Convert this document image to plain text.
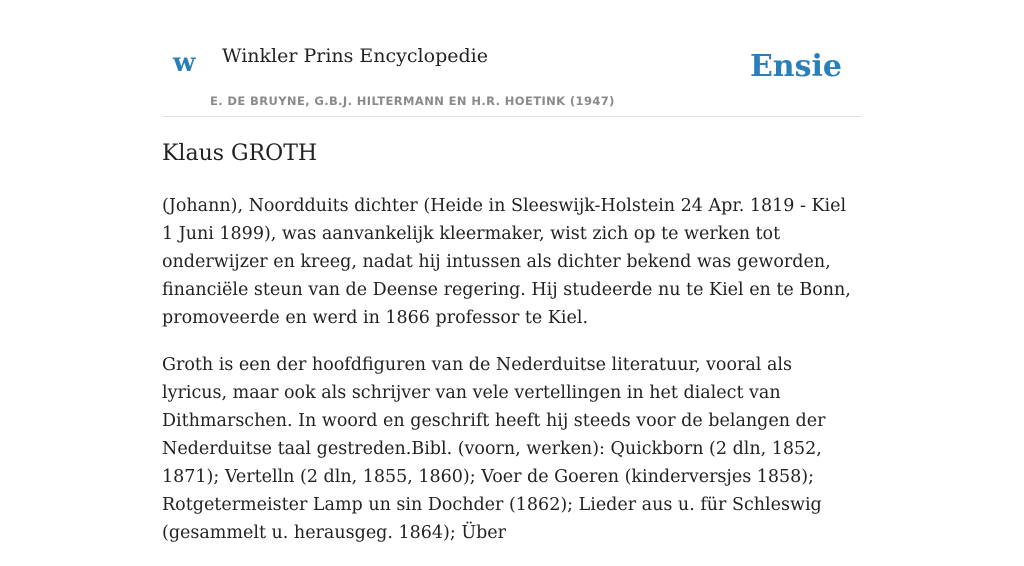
w Winkler Prins Encyclopedie
E. DE BRUYNE, G.B.J. HILTERMANN EN H.R. HOETINK (1947)
Ensie
Klaus GROTH

(Johann), Noordduits dichter (Heide in Sleeswijk-Holstein 24 Apr. 1819 - Kiel 1 Juni 1899), was aanvankelijk kleermaker, wist zich op te werken tot onderwijzer en kreeg, nadat hij intussen als dichter bekend was geworden, financiële steun van de Deense regering. Hij studeerde nu te Kiel en te Bonn, promoveerde en werd in 1866 professor te Kiel.

Groth is een der hoofdfiguren van de Nederduitse literatuur, vooral als lyricus, maar ook als schrijver van vele vertellingen in het dialect van Dithmarschen. In woord en geschrift heeft hij steeds voor de belangen der Nederduitse taal gestreden.Bibl. (voorn, werken): Quickborn (2 dln, 1852, 1871); Vertelln (2 dln, 1855, 1860); Voer de Goeren (kinderversjes 1858); Rotgetermeister Lamp un sin Dochder (1862); Lieder aus u. für Schleswig (gesammelt u. herausgeg. 1864); Über
